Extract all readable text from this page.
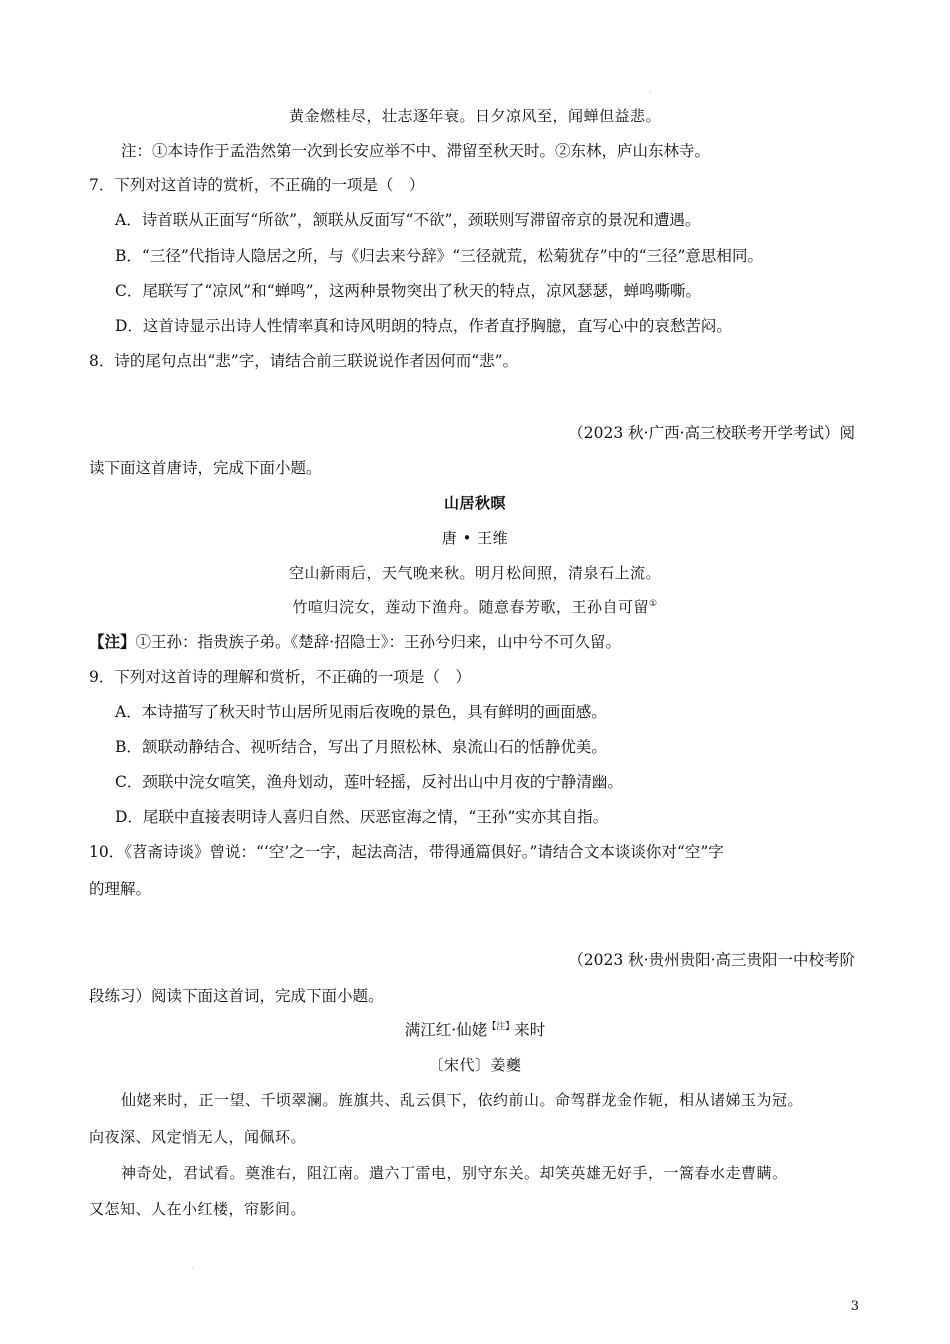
黄金燃桂尽，壮志逐年衰。日夕凉风至，闻蝉但益悲。
注：①本诗作于孟浩然第一次到长安应举不中、滞留至秋天时。②东林，庐山东林寺。
7．下列对这首诗的赏析，不正确的一项是（　）
A．诗首联从正面写“所欲”，颔联从反面写“不欲”，颈联则写滞留帝京的景况和遭遇。
B．“三径”代指诗人隐居之所，与《归去来兮辞》“三径就荒，松菊犹存”中的“三径”意思相同。
C．尾联写了“凉风”和“蝉鸣”，这两种景物突出了秋天的特点，凉风瑟瑟，蝉鸣嘶嘶。
D．这首诗显示出诗人性情率真和诗风明朗的特点，作者直抒胸臆，直写心中的哀愁苦闷。
8．诗的尾句点出“悲”字，请结合前三联说说作者因何而“悲”。
（2023 秋·广西·高三校联考开学考试）阅
读下面这首唐诗，完成下面小题。
山居秋暝
唐 • 王维
空山新雨后，天气晚来秋。明月松间照，清泉石上流。
竹喧归浣女，莲动下渔舟。随意春芳歌，王孙自可留①
【注】①王孙：指贵族子弟。《楚辞·招隐士》：王孙兮归来，山中兮不可久留。
9．下列对这首诗的理解和赏析，不正确的一项是（　）
A．本诗描写了秋天时节山居所见雨后夜晚的景色，具有鲜明的画面感。
B．颔联动静结合、视听结合，写出了月照松林、泉流山石的恬静优美。
C．颈联中浣女喧笑，渔舟划动，莲叶轻摇，反衬出山中月夜的宁静清幽。
D．尾联中直接表明诗人喜归自然、厌恶宦海之情，“王孙”实亦其自指。
10．《苕斋诗谈》曾说：“‘空’之一字，起法高洁，带得通篇俱好。”请结合文本谈谈你对“空”字
的理解。
（2023 秋·贵州贵阳·高三贵阳一中校考阶
段练习）阅读下面这首词，完成下面小题。
满江红·仙姥$^{【注】}$来时
〔宋代〕姜夔
仙姥来时，正一望、千顷翠澜。旌旗共、乱云俱下，依约前山。命驾群龙金作轭，相从诸娣玉为冠。
向夜深、风定悄无人，闻佩环。
神奇处，君试看。奠淮右，阻江南。遣六丁雷电，别守东关。却笑英雄无好手，一篙春水走曹瞒。
又怎知、人在小红楼，帘影间。
3
